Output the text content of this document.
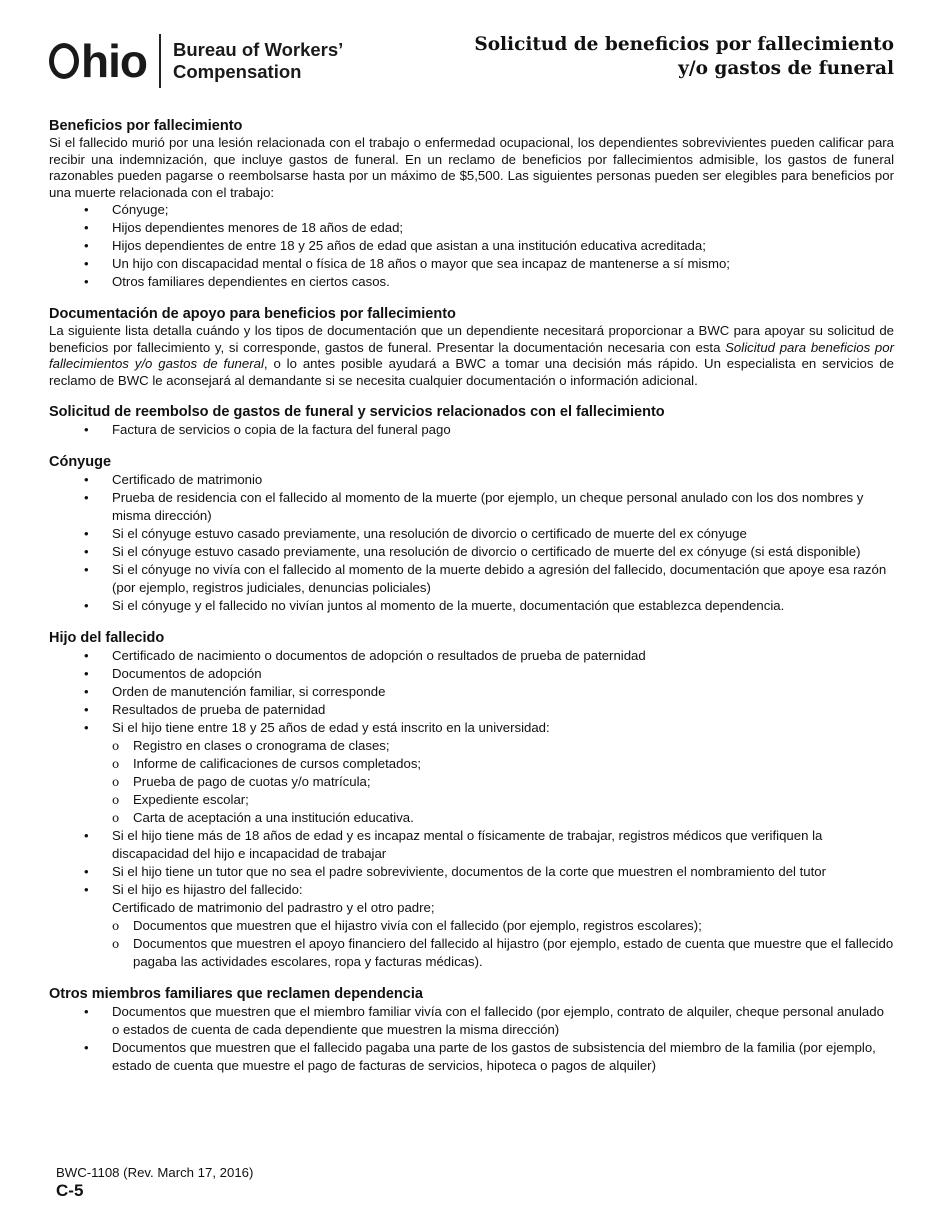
hio Bureau of Workers’
Compensation
Solicitud de beneficios por fallecimiento
y/o gastos de funeral
Beneficios por fallecimiento

Si el fallecido murió por una lesión relacionada con el trabajo o enfermedad ocupacional, los dependientes sobrevivientes pueden calificar para recibir una indemnización, que incluye gastos de funeral. En un reclamo de beneficios por fallecimientos admisible, los gastos de funeral razonables pueden pagarse o reembolsarse hasta por un máximo de $5,500. Las siguientes personas pueden ser elegibles para beneficios por una muerte relacionada con el trabajo:

• Cónyuge;
• Hijos dependientes menores de 18 años de edad;
• Hijos dependientes de entre 18 y 25 años de edad que asistan a una institución educativa acreditada;
• Un hijo con discapacidad mental o física de 18 años o mayor que sea incapaz de mantenerse a sí mismo;
• Otros familiares dependientes en ciertos casos.
Documentación de apoyo para beneficios por fallecimiento

La siguiente lista detalla cuándo y los tipos de documentación que un dependiente necesitará proporcionar a BWC para apoyar su solicitud de beneficios por fallecimiento y, si corresponde, gastos de funeral. Presentar la documentación necesaria con esta Solicitud para beneficios por fallecimientos y/o gastos de funeral, o lo antes posible ayudará a BWC a tomar una decisión más rápido. Un especialista en servicios de reclamo de BWC le aconsejará al demandante si se necesita cualquier documentación o información adicional.

Solicitud de reembolso de gastos de funeral y servicios relacionados con el fallecimiento
• Factura de servicios o copia de la factura del funeral pago
Cónyuge
• Certificado de matrimonio
• Prueba de residencia con el fallecido al momento de la muerte (por ejemplo, un cheque personal anulado con los dos nombres y misma dirección)
• Si el cónyuge estuvo casado previamente, una resolución de divorcio o certificado de muerte del ex cónyuge
• Si el cónyuge estuvo casado previamente, una resolución de divorcio o certificado de muerte del ex cónyuge (si está disponible)
• Si el cónyuge no vivía con el fallecido al momento de la muerte debido a agresión del fallecido, documentación que apoye esa razón (por ejemplo, registros judiciales, denuncias policiales)
• Si el cónyuge y el fallecido no vivían juntos al momento de la muerte, documentación que establezca dependencia.
Hijo del fallecido
• Certificado de nacimiento o documentos de adopción o resultados de prueba de paternidad
• Documentos de adopción
• Orden de manutención familiar, si corresponde
• Resultados de prueba de paternidad
• Si el hijo tiene entre 18 y 25 años de edad y está inscrito en la universidad:
ο Registro en clases o cronograma de clases;
ο Informe de calificaciones de cursos completados;
ο Prueba de pago de cuotas y/o matrícula;
ο Expediente escolar;
ο Carta de aceptación a una institución educativa.
• Si el hijo tiene más de 18 años de edad y es incapaz mental o físicamente de trabajar, registros médicos que verifiquen la discapacidad del hijo e incapacidad de trabajar
• Si el hijo tiene un tutor que no sea el padre sobreviviente, documentos de la corte que muestren el nombramiento del tutor
• Si el hijo es hijastro del fallecido:
Certificado de matrimonio del padrastro y el otro padre;
ο Documentos que muestren que el hijastro vivía con el fallecido (por ejemplo, registros escolares);
ο Documentos que muestren el apoyo financiero del fallecido al hijastro (por ejemplo, estado de cuenta que muestre que el fallecido pagaba las actividades escolares, ropa y facturas médicas).
Otros miembros familiares que reclamen dependencia
• Documentos que muestren que el miembro familiar vivía con el fallecido (por ejemplo, contrato de alquiler, cheque personal anulado o estados de cuenta de cada dependiente que muestren la misma dirección)
• Documentos que muestren que el fallecido pagaba una parte de los gastos de subsistencia del miembro de la familia (por ejemplo, estado de cuenta que muestre el pago de facturas de servicios, hipoteca o pagos de alquiler)
BWC-1108 (Rev. March 17, 2016)
C-5
